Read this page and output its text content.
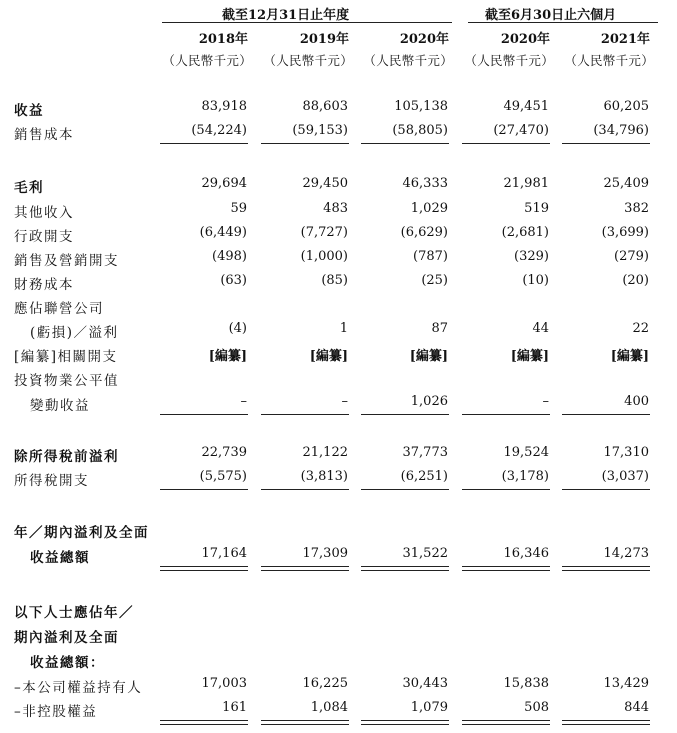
截至12月31日止年度	截至6月30日止六個月
2018年	2019年	2020年	2020年	2021年
（人民幣千元） （人民幣千元） （人民幣千元） （人民幣千元） （人民幣千元）
收益	83,918	88,603	105,138	49,451	60,205
銷售成本	(54,224)	(59,153)	(58,805)	(27,470)	(34,796)
毛利	29,694	29,450	46,333	21,981	25,409
其他收入	59	483	1,029	519	382
行政開支	(6,449)	(7,727)	(6,629)	(2,681)	(3,699)
銷售及營銷開支	(498)	(1,000)	(787)	(329)	(279)
財務成本	(63)	(85)	(25)	(10)	(20)
應佔聯營公司
(虧損)／溢利	(4)	1	87	44	22
[編纂]相關開支	[編纂]	[編纂]	[編纂]	[編纂]	[編纂]
投資物業公平值
變動收益	–	–	1,026	–	400
除所得稅前溢利	22,739	21,122	37,773	19,524	17,310
所得稅開支	(5,575)	(3,813)	(6,251)	(3,178)	(3,037)
年／期內溢利及全面
收益總額	17,164	17,309	31,522	16,346	14,273
以下人士應佔年／
期內溢利及全面
收益總額：
–本公司權益持有人	17,003	16,225	30,443	15,838	13,429
–非控股權益	161	1,084	1,079	508	844
